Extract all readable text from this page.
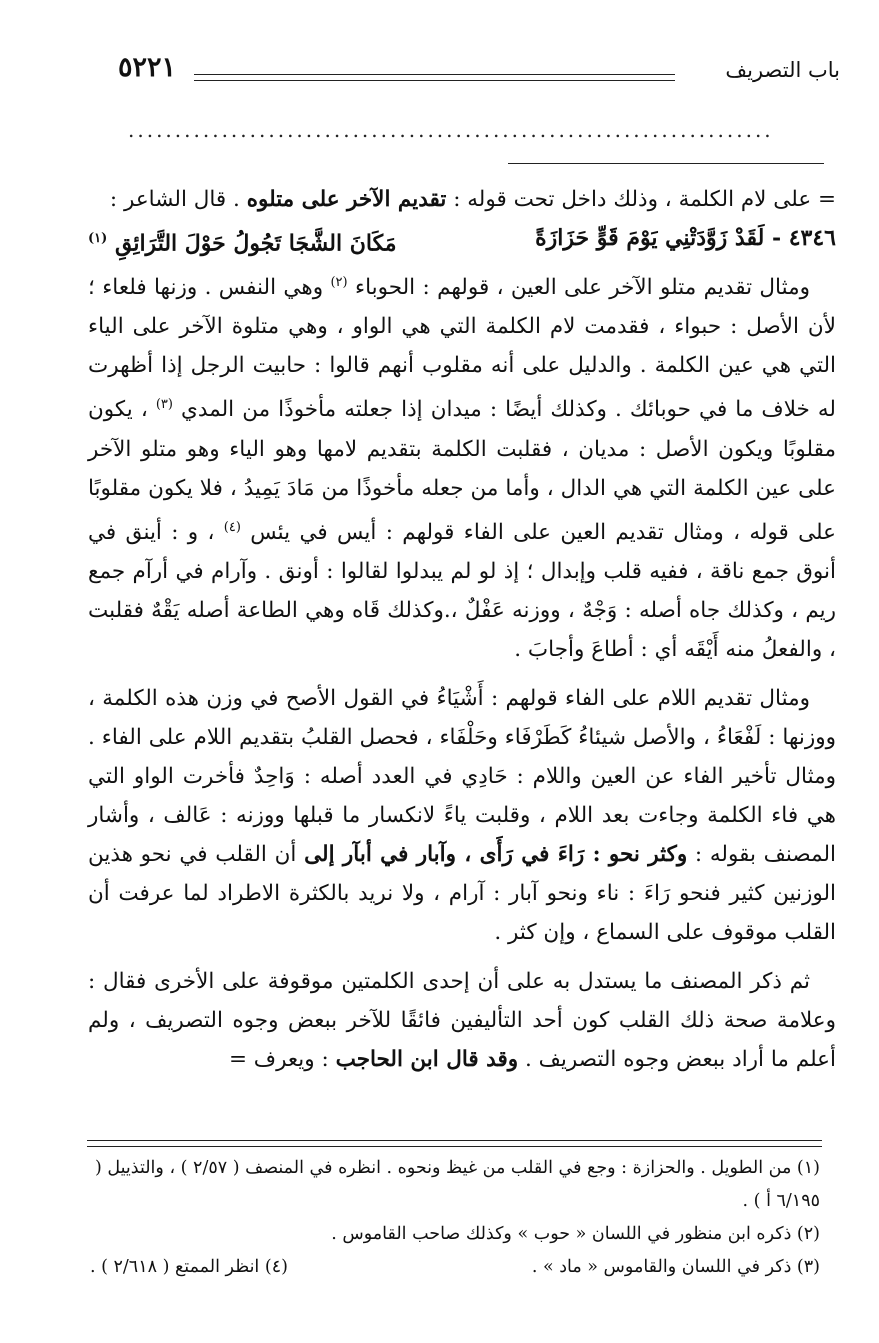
باب التصريف
٥٢٢١
.....................................................................

= على لام الكلمة ، وذلك داخل تحت قوله : تقديم الآخر على متلوه . قال الشاعر :

٤٣٤٦ - لَقَدْ زَوَّدَتْنِي يَوْمَ قَوٍّ حَزَازَةً
مَكَانَ الشَّجَا تَجُولُ حَوْلَ التَّرَائِقِ $^{(١)}$

ومثال تقديم متلو الآخر على العين ، قولهم : الحوباء $^{(٢)}$ وهي النفس . وزنها فلعاء ؛ لأن الأصل : حبواء ، فقدمت لام الكلمة التي هي الواو ، وهي متلوة الآخر على الياء التي هي عين الكلمة . والدليل على أنه مقلوب أنهم قالوا : حابيت الرجل إذا أظهرت له خلاف ما في حوبائك . وكذلك أيضًا : ميدان إذا جعلته مأخوذًا من المدي $^{(٣)}$ ، يكون مقلوبًا ويكون الأصل : مديان ، فقلبت الكلمة بتقديم لامها وهو الياء وهو متلو الآخر على عين الكلمة التي هي الدال ، وأما من جعله مأخوذًا من مَادَ يَمِيدُ ، فلا يكون مقلوبًا على قوله ، ومثال تقديم العين على الفاء قولهم : أيس في يئس $^{(٤)}$ ، و : أينق في أنوق جمع ناقة ، ففيه قلب وإبدال ؛ إذ لو لم يبدلوا لقالوا : أونق . وآرام في أرآم جمع ريم ، وكذلك جاه أصله : وَجْهٌ ، ووزنه عَفْلٌ ،.وكذلك قَاه وهي الطاعة أصله يَقْهٌ فقلبت ، والفعلُ منه أَيْقَه أي : أطاعَ وأجابَ .

ومثال تقديم اللام على الفاء قولهم : أَشْيَاءُ في القول الأصح في وزن هذه الكلمة ، ووزنها : لَفْعَاءُ ، والأصل شيئاءُ كَطَرْفَاء وحَلْفَاء ، فحصل القلبُ بتقديم اللام على الفاء . ومثال تأخير الفاء عن العين واللام : حَادِي في العدد أصله : وَاحِدٌ فأخرت الواو التي هي فاء الكلمة وجاءت بعد اللام ، وقلبت ياءً لانكسار ما قبلها ووزنه : عَالف ، وأشار المصنف بقوله : وكثر نحو : رَاءَ في رَأَى ، وآبار في أبآر إلى أن القلب في نحو هذين الوزنين كثير فنحو رَاءَ : ناء ونحو آبار : آرام ، ولا نريد بالكثرة الاطراد لما عرفت أن القلب موقوف على السماع ، وإن كثر .

ثم ذكر المصنف ما يستدل به على أن إحدى الكلمتين موقوفة على الأخرى فقال : وعلامة صحة ذلك القلب كون أحد التأليفين فائقًا للآخر ببعض وجوه التصريف ، ولم أعلم ما أراد ببعض وجوه التصريف . وقد قال ابن الحاجب : ويعرف =

(١) من الطويل . والحزازة : وجع في القلب من غيظ ونحوه . انظره في المنصف ( ٢/٥٧ ) ، والتذييل ( ٦/١٩٥ أ ) .

(٢) ذكره ابن منظور في اللسان « حوب » وكذلك صاحب القاموس .

(٣) ذكر في اللسان والقاموس « ماد » .
(٤) انظر الممتع ( ٢/٦١٨ ) .
